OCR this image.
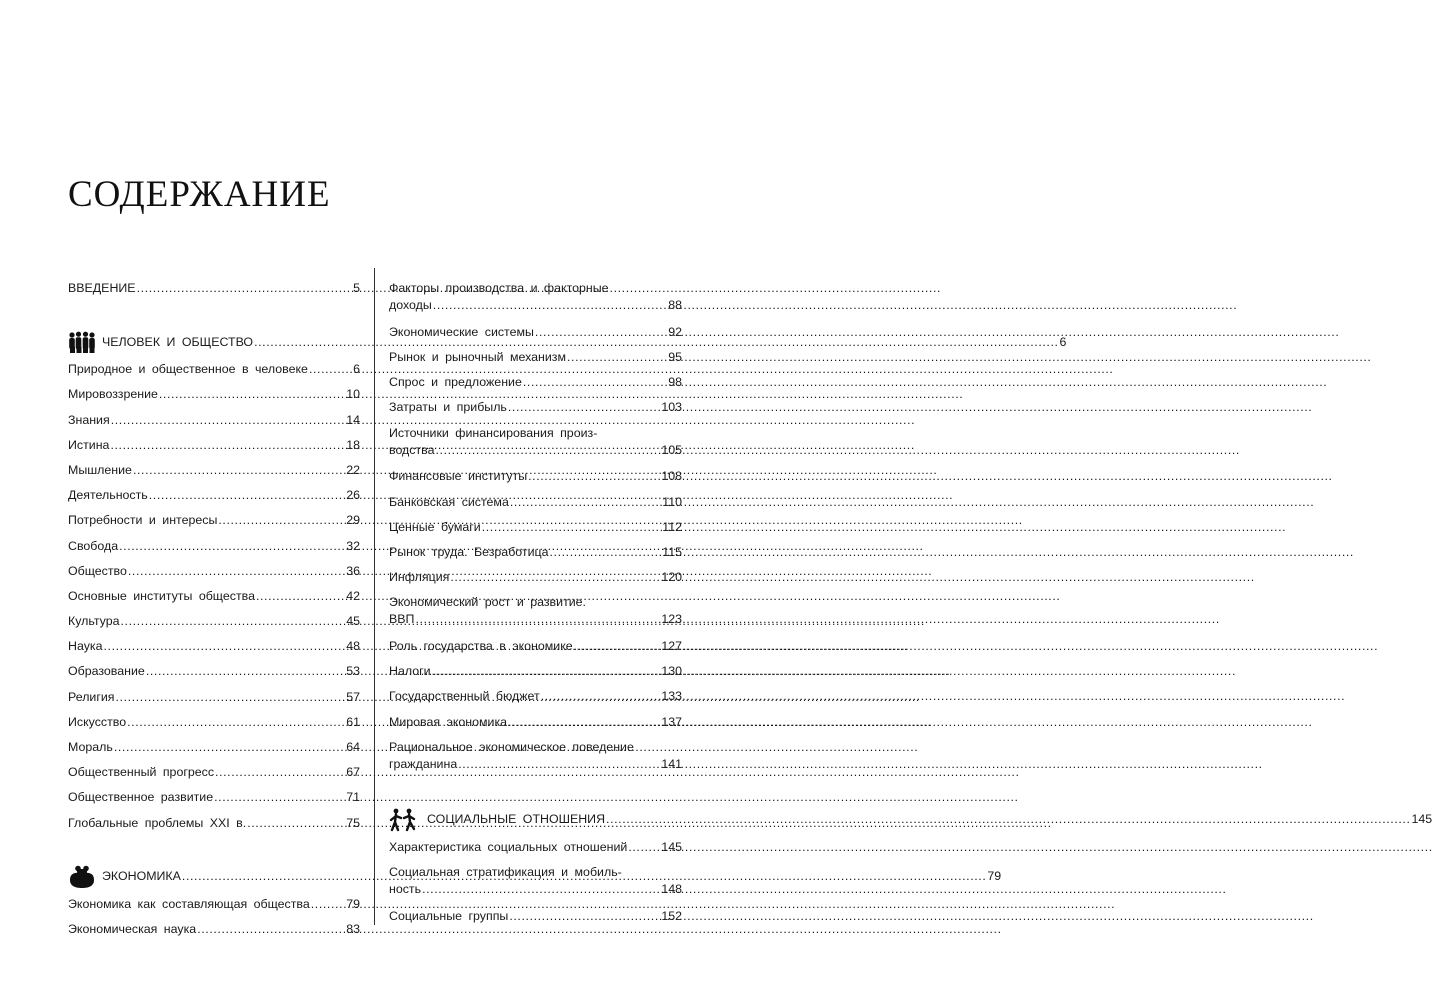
СОДЕРЖАНИЕ
ВВЕДЕНИЕ .....	5
ЧЕЛОВЕК И ОБЩЕСТВО .....	6
Природное и общественное в человеке .....	6
Мировоззрение .....	10
Знания .....	14
Истина .....	18
Мышление .....	22
Деятельность .....	26
Потребности и интересы .....	29
Свобода .....	32
Общество .....	36
Основные институты общества .....	42
Культура .....	45
Наука .....	48
Образование .....	53
Религия .....	57
Искусство .....	61
Мораль .....	64
Общественный прогресс .....	67
Общественное развитие .....	71
Глобальные проблемы XXI в. .....	75
ЭКОНОМИКА .....	79
Экономика как составляющая общества .....	79
Экономическая наука .....	83
Факторы производства и факторные
доходы .....	88
Экономические системы .....	92
Рынок и рыночный механизм .....	95
Спрос и предложение .....	98
Затраты и прибыль .....	103
Источники финансирования произ-
водства .....	105
Финансовые институты .....	108
Банковская система .....	110
Ценные бумаги .....	112
Рынок труда. Безработица .....	115
Инфляция .....	120
Экономический рост и развитие.
ВВП .....	123
Роль государства в экономике .....	127
Налоги .....	130
Государственный бюджет .....	133
Мировая экономика .....	137
Рациональное экономическое поведение
гражданина .....	141
СОЦИАЛЬНЫЕ ОТНОШЕНИЯ .....	145
Характеристика социальных отношений .....	145
Социальная стратификация и мобиль-
ность .....	148
Социальные группы .....	152
